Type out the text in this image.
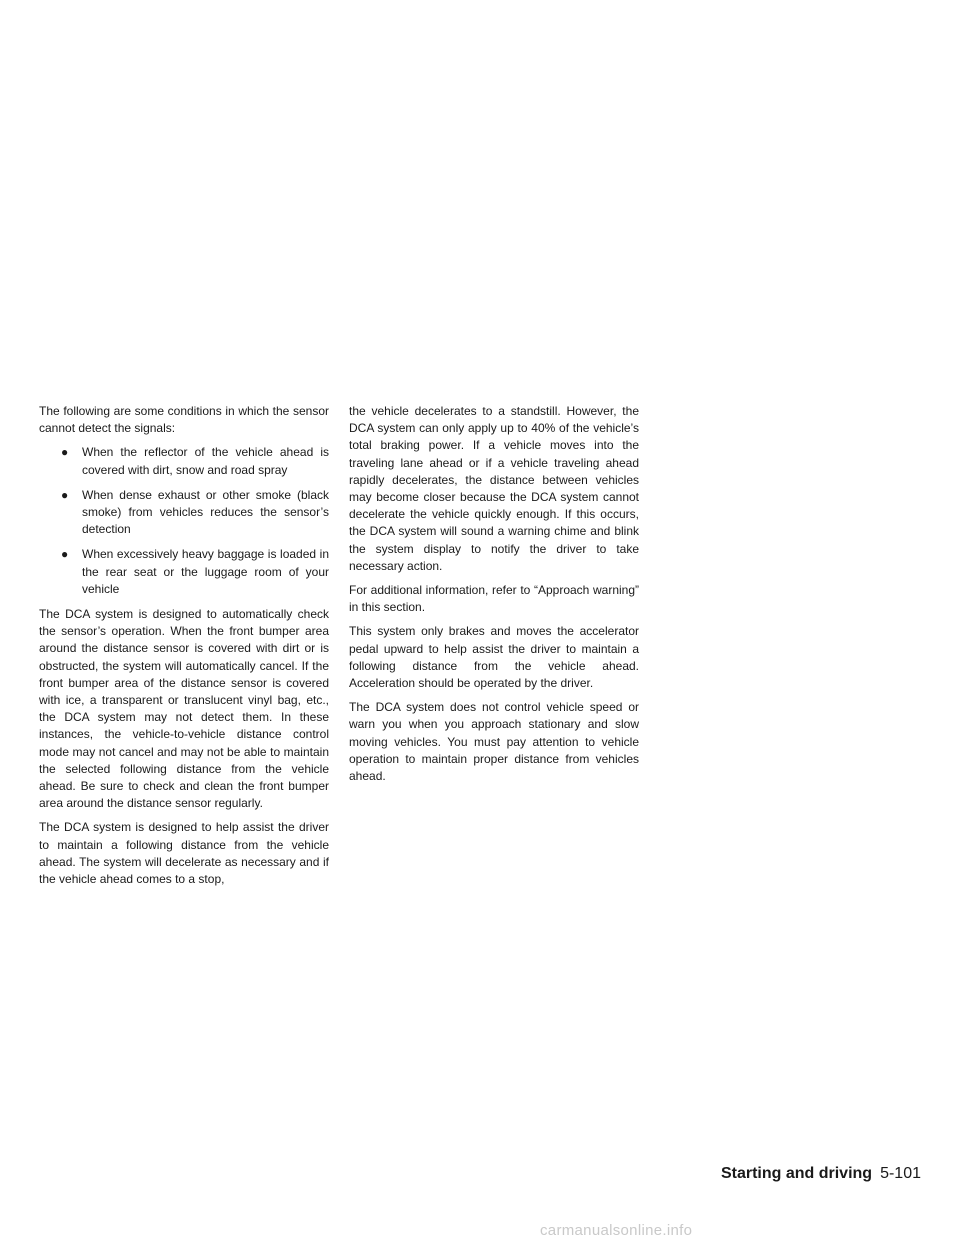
The following are some conditions in which the sensor cannot detect the signals:

● When the reflector of the vehicle ahead is covered with dirt, snow and road spray
● When dense exhaust or other smoke (black smoke) from vehicles reduces the sensor’s detection
● When excessively heavy baggage is loaded in the rear seat or the luggage room of your vehicle

The DCA system is designed to automatically check the sensor’s operation. When the front bumper area around the distance sensor is covered with dirt or is obstructed, the system will automatically cancel. If the front bumper area of the distance sensor is covered with ice, a transparent or translucent vinyl bag, etc., the DCA system may not detect them. In these instances, the vehicle-to-vehicle distance control mode may not cancel and may not be able to maintain the selected following distance from the vehicle ahead. Be sure to check and clean the front bumper area around the distance sensor regularly.

The DCA system is designed to help assist the driver to maintain a following distance from the vehicle ahead. The system will decelerate as necessary and if the vehicle ahead comes to a stop,

the vehicle decelerates to a standstill. However, the DCA system can only apply up to 40% of the vehicle’s total braking power. If a vehicle moves into the traveling lane ahead or if a vehicle traveling ahead rapidly decelerates, the distance between vehicles may become closer because the DCA system cannot decelerate the vehicle quickly enough. If this occurs, the DCA system will sound a warning chime and blink the system display to notify the driver to take necessary action.

For additional information, refer to “Approach warning” in this section.

This system only brakes and moves the accelerator pedal upward to help assist the driver to maintain a following distance from the vehicle ahead. Acceleration should be operated by the driver.

The DCA system does not control vehicle speed or warn you when you approach stationary and slow moving vehicles. You must pay attention to vehicle operation to maintain proper distance from vehicles ahead.

Starting and driving 5-101
carmanualsonline.info
